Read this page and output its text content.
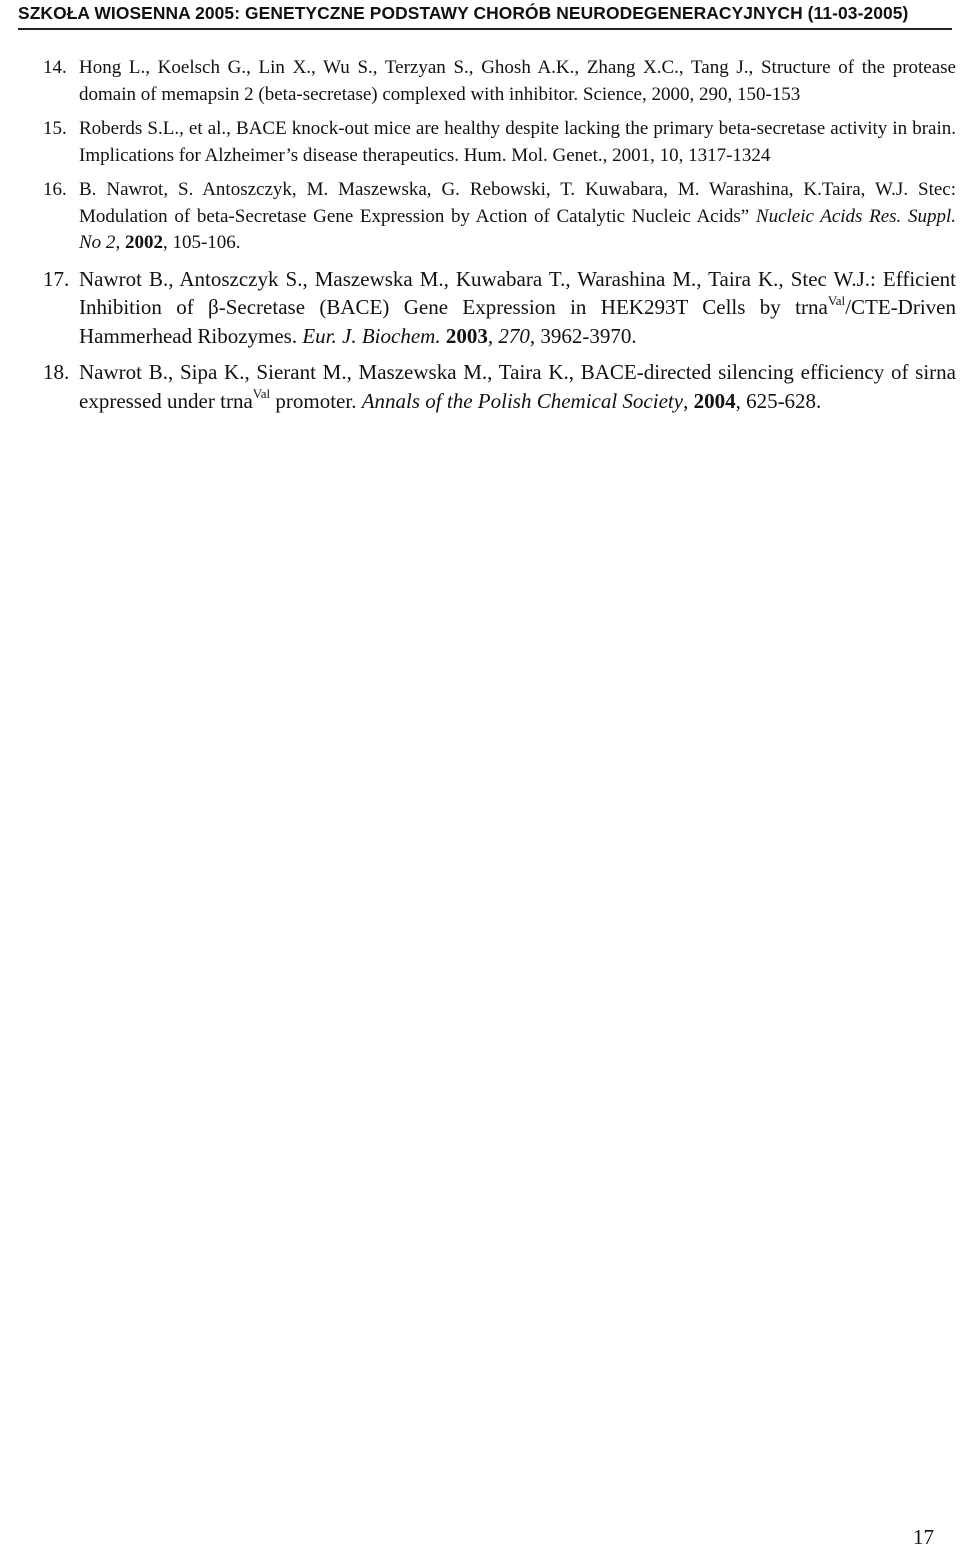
SZKOŁA WIOSENNA 2005: GENETYCZNE PODSTAWY CHORÓB NEURODEGENERACYJNYCH (11-03-2005)
14. Hong L., Koelsch G., Lin X., Wu S., Terzyan S., Ghosh A.K., Zhang X.C., Tang J., Structure of the protease domain of memapsin 2 (beta-secretase) complexed with inhibitor. Science, 2000, 290, 150-153
15. Roberds S.L., et al., BACE knock-out mice are healthy despite lacking the primary beta-secretase activity in brain. Implications for Alzheimer’s disease therapeutics. Hum. Mol. Genet., 2001, 10, 1317-1324
16. B. Nawrot, S. Antoszczyk, M. Maszewska, G. Rebowski, T. Kuwabara, M. Warashina, K.Taira, W.J. Stec: Modulation of beta-Secretase Gene Expression by Action of Catalytic Nucleic Acids” Nucleic Acids Res. Suppl. No 2, 2002, 105-106.
17. Nawrot B., Antoszczyk S., Maszewska M., Kuwabara T., Warashina M., Taira K., Stec W.J.: Efficient Inhibition of β-Secretase (BACE) Gene Expression in HEK293T Cells by trna$^{Val}$/CTE-Driven Hammerhead Ribozymes. Eur. J. Biochem. 2003, 270, 3962-3970.
18. Nawrot B., Sipa K., Sierant M., Maszewska M., Taira K., BACE-directed silencing efficiency of sirna expressed under trna$^{Val}$ promoter. Annals of the Polish Chemical Society, 2004, 625-628.
17
